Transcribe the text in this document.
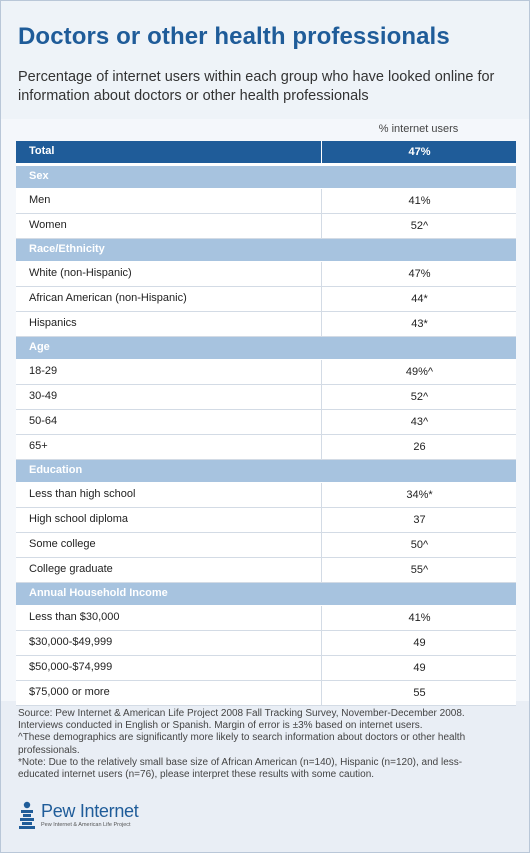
Doctors or other health professionals
Percentage of internet users within each group who have looked online for information about doctors or other health professionals
% internet users
Total	47%
Sex
Men	41%
Women	52^
Race/Ethnicity
White (non-Hispanic)	47%
African American (non-Hispanic)	44*
Hispanics	43*
Age
18-29	49%^
30-49	52^
50-64	43^
65+	26
Education
Less than high school	34%*
High school diploma	37
Some college	50^
College graduate	55^
Annual Household Income
Less than $30,000	41%
$30,000-$49,999	49
$50,000-$74,999	49
$75,000 or more	55
Source: Pew Internet & American Life Project 2008 Fall Tracking Survey, November-December 2008. Interviews conducted in English or Spanish. Margin of error is ±3% based on internet users.
^These demographics are significantly more likely to search information about doctors or other health professionals.
*Note: Due to the relatively small base size of African American (n=140), Hispanic (n=120), and less-educated internet users (n=76), please interpret these results with some caution.
Pew Internet
Pew Internet & American Life Project
